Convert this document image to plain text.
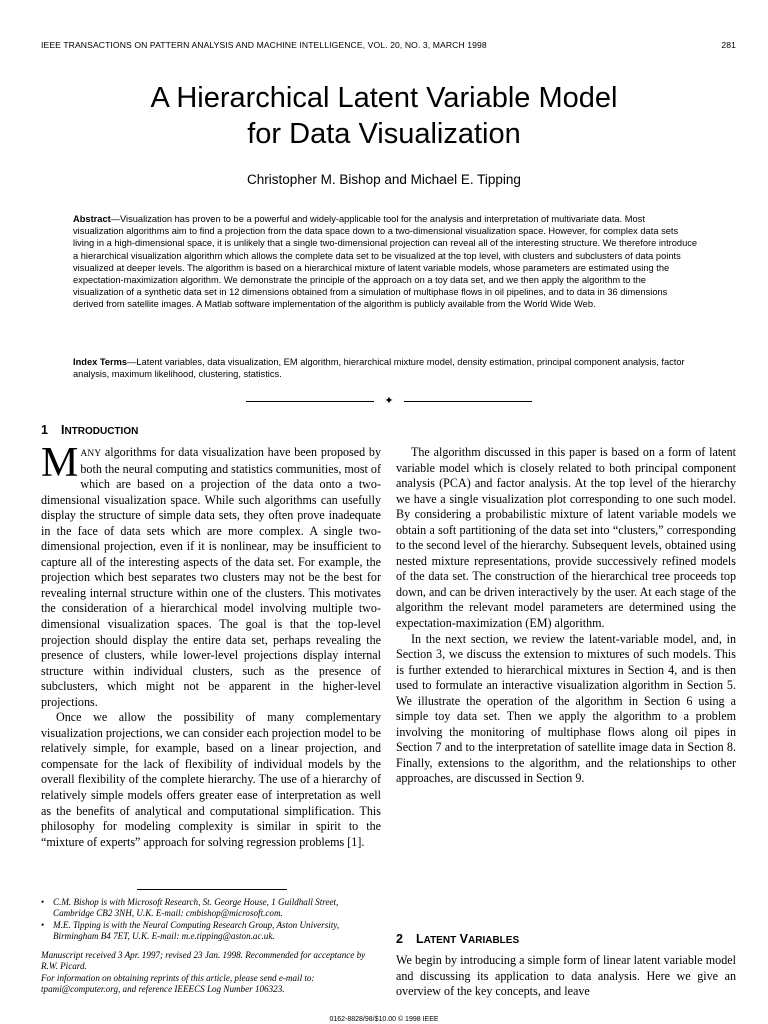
IEEE TRANSACTIONS ON PATTERN ANALYSIS AND MACHINE INTELLIGENCE, VOL. 20, NO. 3, MARCH 1998	281
A Hierarchical Latent Variable Model
for Data Visualization
Christopher M. Bishop and Michael E. Tipping
Abstract—Visualization has proven to be a powerful and widely-applicable tool for the analysis and interpretation of multivariate data. Most visualization algorithms aim to find a projection from the data space down to a two-dimensional visualization space. However, for complex data sets living in a high-dimensional space, it is unlikely that a single two-dimensional projection can reveal all of the interesting structure. We therefore introduce a hierarchical visualization algorithm which allows the complete data set to be visualized at the top level, with clusters and subclusters of data points visualized at deeper levels. The algorithm is based on a hierarchical mixture of latent variable models, whose parameters are estimated using the expectation-maximization algorithm. We demonstrate the principle of the approach on a toy data set, and we then apply the algorithm to the visualization of a synthetic data set in 12 dimensions obtained from a simulation of multiphase flows in oil pipelines, and to data in 36 dimensions derived from satellite images. A Matlab software implementation of the algorithm is publicly available from the World Wide Web.
Index Terms—Latent variables, data visualization, EM algorithm, hierarchical mixture model, density estimation, principal component analysis, factor analysis, maximum likelihood, clustering, statistics.
✦
1 INTRODUCTION

MANY algorithms for data visualization have been proposed by both the neural computing and statistics communities, most of which are based on a projection of the data onto a two-dimensional visualization space. While such algorithms can usefully display the structure of simple data sets, they often prove inadequate in the face of data sets which are more complex. A single two-dimensional projection, even if it is nonlinear, may be insufficient to capture all of the interesting aspects of the data set. For example, the projection which best separates two clusters may not be the best for revealing internal structure within one of the clusters. This motivates the consideration of a hierarchical model involving multiple two-dimensional visualization spaces. The goal is that the top-level projection should display the entire data set, perhaps revealing the presence of clusters, while lower-level projections display internal structure within individual clusters, such as the presence of subclusters, which might not be apparent in the higher-level projections.

Once we allow the possibility of many complementary visualization projections, we can consider each projection model to be relatively simple, for example, based on a linear projection, and compensate for the lack of flexibility of individual models by the overall flexibility of the complete hierarchy. The use of a hierarchy of relatively simple models offers greater ease of interpretation as well as the benefits of analytical and computational simplification. This philosophy for modeling complexity is similar in spirit to the “mixture of experts” approach for solving regression problems [1].

The algorithm discussed in this paper is based on a form of latent variable model which is closely related to both principal component analysis (PCA) and factor analysis. At the top level of the hierarchy we have a single visualization plot corresponding to one such model. By considering a probabilistic mixture of latent variable models we obtain a soft partitioning of the data set into “clusters,” corresponding to the second level of the hierarchy. Subsequent levels, obtained using nested mixture representations, provide successively refined models of the data set. The construction of the hierarchical tree proceeds top down, and can be driven interactively by the user. At each stage of the algorithm the relevant model parameters are determined using the expectation-maximization (EM) algorithm.

In the next section, we review the latent-variable model, and, in Section 3, we discuss the extension to mixtures of such models. This is further extended to hierarchical mixtures in Section 4, and is then used to formulate an interactive visualization algorithm in Section 5. We illustrate the operation of the algorithm in Section 6 using a simple toy data set. Then we apply the algorithm to a problem involving the monitoring of multiphase flows along oil pipes in Section 7 and to the interpretation of satellite image data in Section 8. Finally, extensions to the algorithm, and the relationships to other approaches, are discussed in Section 9.

2 LATENT VARIABLES

We begin by introducing a simple form of linear latent variable model and discussing its application to data analysis. Here we give an overview of the key concepts, and leave

• C.M. Bishop is with Microsoft Research, St. George House, 1 Guildhall Street, Cambridge CB2 3NH, U.K. E-mail: cmbishop@microsoft.com.
• M.E. Tipping is with the Neural Computing Research Group, Aston University, Birmingham B4 7ET, U.K. E-mail: m.e.tipping@aston.ac.uk.
Manuscript received 3 Apr. 1997; revised 23 Jan. 1998. Recommended for acceptance by R.W. Picard.
For information on obtaining reprints of this article, please send e-mail to: tpami@computer.org, and reference IEEECS Log Number 106323.
0162-8828/98/$10.00 © 1998 IEEE
